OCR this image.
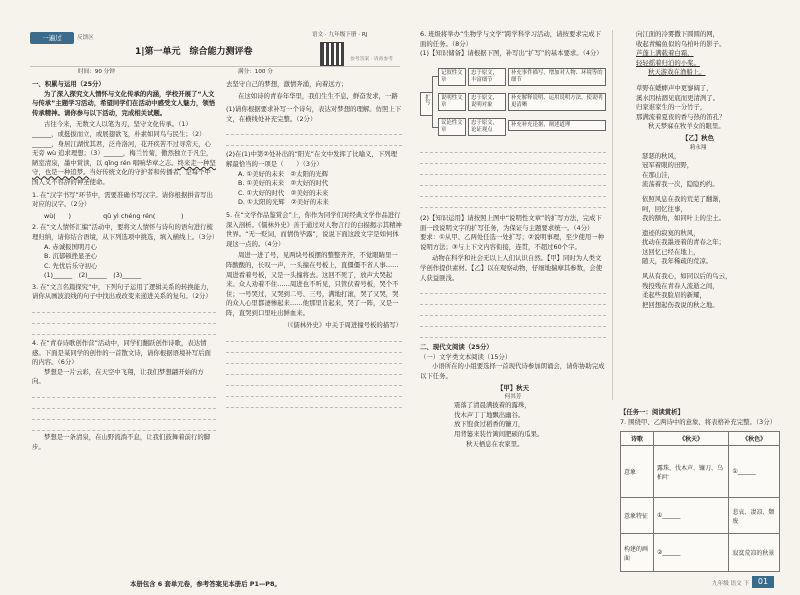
一遍过	反馈区
1|第一单元　综合能力测评卷
语文 · 九年级下册 · RJ
参考答案 · 请备参考
时间：90 分钟	满分：100 分
一、积累与运用（25分）
为了深入探究文人情怀与文化传承的内涵，学校开展了“人文与传承”主题学习活动，希望同学们在活动中感受文人魅力，领悟传承精神。请你参与以下活动，完成相关试题。
古往今来，无数文人以笔为刃，坚守文化传承。（1）______，或挺拔而立，或展翅欲飞，朴素如同鸟与民生；（2）______，身居江湖忧其君，泛舟洛河，花开疾苦不过寻常天，心无旁 wù 追求理想；（3）______，梅兰竹菊，傲然独立于凡尘，陋室清泉，墨中赏读，以 qǐng rén 唱响华章之志。终来走一种坚守，也是一种追梦。当好传统文化的守护者和传播者，是每个中国人义不容辞的神圣使命。
1. 在“汉字书写”环节中，需要准确书写汉字。请你根据拼音写出对应的汉字。（2分）
wù(　　)	qǔ yì chéng rén(　　　　)
2. 在“文人情怀汇编”活动中，要将文人情怀与诗句的语句进行梳理归纳，请你结合语境，从下列选项中挑选，填入横线上。（3分）
A. 赤诚报国明月心
B. 沉郁顿挫显圣心
C. 先忧后乐守初心
(1)______　(2)______　(3)______
3. 在“文言名篇探究”中，下列句子运用了逻辑关系的转换能力，请你从画波浪线的句子中找出或改变来递进关系的复句。（2分）
4. 在“青春诗歌创作营”活动中，同学们翻跃创作诗歌，表达情感。下面是某同学的创作的一首散文诗，请你根据语境补写后面的内容。（6分）
梦想是一片云彩，在天空中飞翔，让我们梦想翩开始的方向。
梦想是一条清泉，在山野流淌不息，让我们鼓舞着前行的脚步。
去坚守自己的梦想，激情奔涌，向着远方；
在这如诗的青春年华里，我们生生不息，鲜奋发求，一路
(1)请你根据要求补写一个诗句，表达对梦想的理解。仿照上下文，在横线处补充完整。（2分）
(2)在(1)中第②处补出的“阳光”在文中发挥了比喻义，下列理解最恰当的一项是（　　）（3分）
A. ①美好的未来　②太阳的光辉
B. ①美好的未来　②大好的时代
C. ①大好的时代　②美好的未来
D. ①太阳的光辉　②美好的未来
5. 在“文学作品鉴赏会”上，你作为同学们对经典文学作品进行深入剖析。《儒林外史》善于通过对人物言行的白描揭示其精神世界。“无一贬词，而情伪毕露”，说说下面这段文字是如何体现这一点的。（4分）
周进一进了号，见两块号板摆的整整齐齐，不觉眼睛里一阵酸酸的，长叹一声，一头撞在号板上，直僵僵不省人事……周进看着号板，又是一头撞将去。这回不死了，放声大哭起来。众人劝着不住……周进也不听见，只管伏着号板，哭个不住；一号哭过，又哭到二号、三号，满地打滚，哭了又哭，哭的众人心里都凄惨起来……他那里肯起来，哭了一阵，又是一阵，直哭到口里吐出鲜血来。
（《儒林外史》中关于周进撞号板的描写）
本册包含 6 套单元卷，参考答案见本册后 P1—P8。
6. 班级将举办“生物学与文学”跨学科学习活动，请按要求完成下面的任务。（8分）
(1)【知识储备】请根据下图，补写出“扩写”的基本要求。（4分）
扩写
记叙性文章
说明性文章
议论性文章
忠于原文，丰富细节
忠于原文，说明对象
忠于原文，论证观点
补充事件描写，增加对人物、环境等的细节
补充解释说明、运用说明方法，使说明更清晰
补充补充论据，阐述道理
(2)【知识运用】请按照上图中“说明性文章”的扩写方法，完成下面一段说明文字的扩写任务，为保证与主题要求统一。（4分）
要求：①从甲、乙两处任选一处扩写；②说明事理，至少使用一种说明方法；③与上下文内容衔接，连贯，不超过60个字。
动物在科学和社会无以上人们认识自然。【甲】同时为人类文学创作提供素材。【乙】以在观察动物，仔细地揣摩其参数，会使人获益匪浅。
二、现代文阅读（25分）
（一）文学类文本阅读（15分）
小语所在的小组要选择一首现代诗参加朗诵会，请你协助完成以下任务。
【甲】秋天
何其芳
震落了清晨满披着的露珠，
伐木声丁丁地飘出幽谷。
放下饱食过稻香的镰刀，
用背篓来装竹篱间肥硕的瓜果。
秋天栖息在农家里。
向江面的冷雾撒下圆圆的网，
收起青鳊鱼似的乌柏叶的影子。
芦蓬上满载着白霜，
轻轻摇着归泊的小桨。
秋天游戏在渔船上。
草野在蟋蟀声中更寥阔了，
溪水因枯涸见底而更清洌了。
归家谁家生的一分竹子，
那满流着夏夜的香与热的笛孔？
秋天梦寐在牧羊女的眼里。
【乙】秋色
莉永翔
瑟瑟的秋风，
冠军着眼的田野，
在那山洼，
流荡着我一次，隐隐约约。
依照风息在我的荒芜了翻渐，
呵，回忆往事，
我的额角，如同叶上的尘土。
遗迹的寂寞的秋风，
扰动在我墨迹着的青春之年；
这回忆已经在地上，
随天，我年稀疏的荒凉。
风从有我心，如同以后的鸟云，
残投残在青春人流逝之间，
柔起些我脸眉的新耀，
把回想起伤我说的秋之地。
【任务一：阅读赏析】
7. 围绕甲、乙两诗中的意象、将表格补充完整。（3分）
诗歌	《秋天》	《秋色》
意象	露珠、伐木声、镰刀、乌桕叶	①______
意象特征	①______	悲哀、凄凉、颓废
构建的画面	②______	寂寞荒凉的秋景
九年级 语文 下	01
